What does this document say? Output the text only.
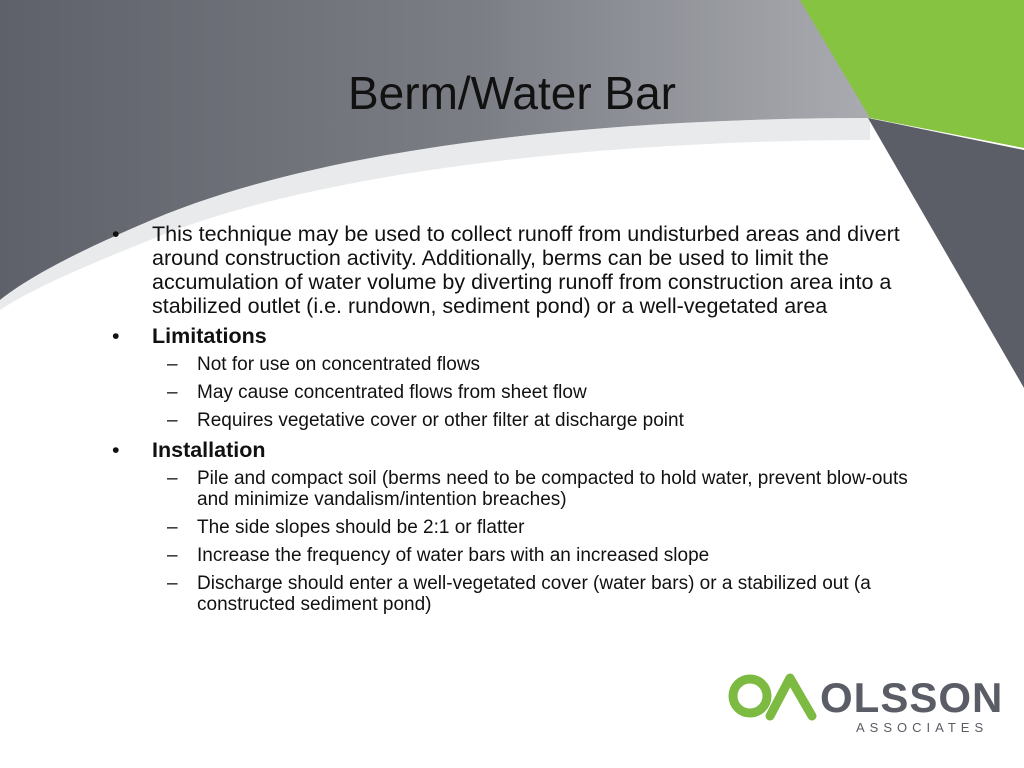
Berm/Water Bar
• This technique may be used to collect runoff from undisturbed areas and divert around construction activity. Additionally, berms can be used to limit the accumulation of water volume by diverting runoff from construction area into a stabilized outlet (i.e. rundown, sediment pond) or a well-vegetated area
• Limitations
– Not for use on concentrated flows
– May cause concentrated flows from sheet flow
– Requires vegetative cover or other filter at discharge point
• Installation
– Pile and compact soil (berms need to be compacted to hold water, prevent blow-outs and minimize vandalism/intention breaches)
– The side slopes should be 2:1 or flatter
– Increase the frequency of water bars with an increased slope
– Discharge should enter a well-vegetated cover (water bars) or a stabilized out (a constructed sediment pond)
OLSSON
ASSOCIATES
